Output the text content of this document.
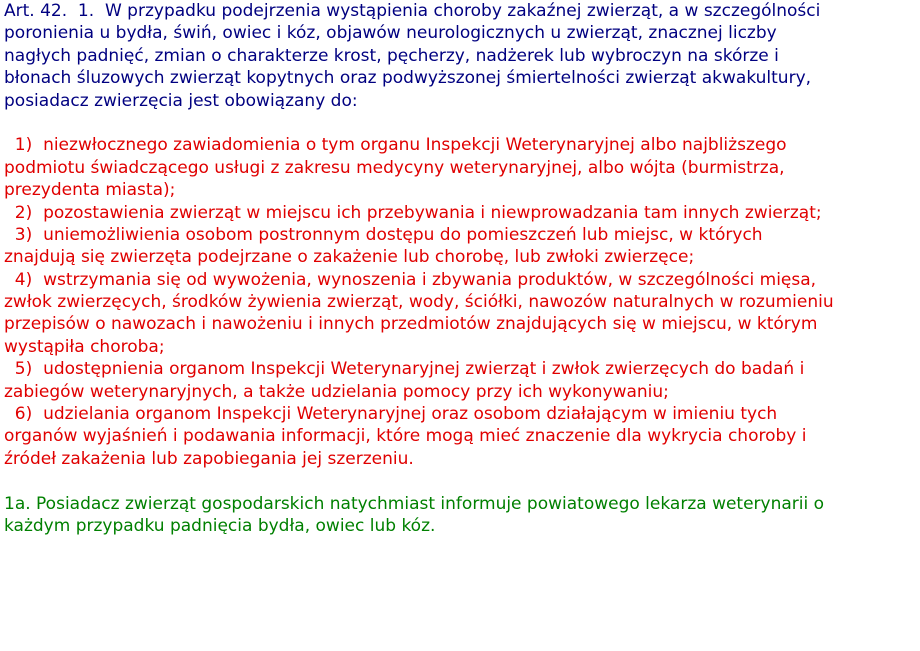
Art. 42.  1.  W przypadku podejrzenia wystąpienia choroby zakaźnej zwierząt, a w szczególności
poronienia u bydła, świń, owiec i kóz, objawów neurologicznych u zwierząt, znacznej liczby
nagłych padnięć, zmian o charakterze krost, pęcherzy, nadżerek lub wybroczyn na skórze i
błonach śluzowych zwierząt kopytnych oraz podwyższonej śmiertelności zwierząt akwakultury,
posiadacz zwierzęcia jest obowiązany do:
1)  niezwłocznego zawiadomienia o tym organu Inspekcji Weterynaryjnej albo najbliższego
podmiotu świadczącego usługi z zakresu medycyny weterynaryjnej, albo wójta (burmistrza,
prezydenta miasta);
2)  pozostawienia zwierząt w miejscu ich przebywania i niewprowadzania tam innych zwierząt;
3)  uniemożliwienia osobom postronnym dostępu do pomieszczeń lub miejsc, w których
znajdują się zwierzęta podejrzane o zakażenie lub chorobę, lub zwłoki zwierzęce;
4)  wstrzymania się od wywożenia, wynoszenia i zbywania produktów, w szczególności mięsa,
zwłok zwierzęcych, środków żywienia zwierząt, wody, ściółki, nawozów naturalnych w rozumieniu
przepisów o nawozach i nawożeniu i innych przedmiotów znajdujących się w miejscu, w którym
wystąpiła choroba;
5)  udostępnienia organom Inspekcji Weterynaryjnej zwierząt i zwłok zwierzęcych do badań i
zabiegów weterynaryjnych, a także udzielania pomocy przy ich wykonywaniu;
6)  udzielania organom Inspekcji Weterynaryjnej oraz osobom działającym w imieniu tych
organów wyjaśnień i podawania informacji, które mogą mieć znaczenie dla wykrycia choroby i
źródeł zakażenia lub zapobiegania jej szerzeniu.
1a. Posiadacz zwierząt gospodarskich natychmiast informuje powiatowego lekarza weterynarii o
każdym przypadku padnięcia bydła, owiec lub kóz.
